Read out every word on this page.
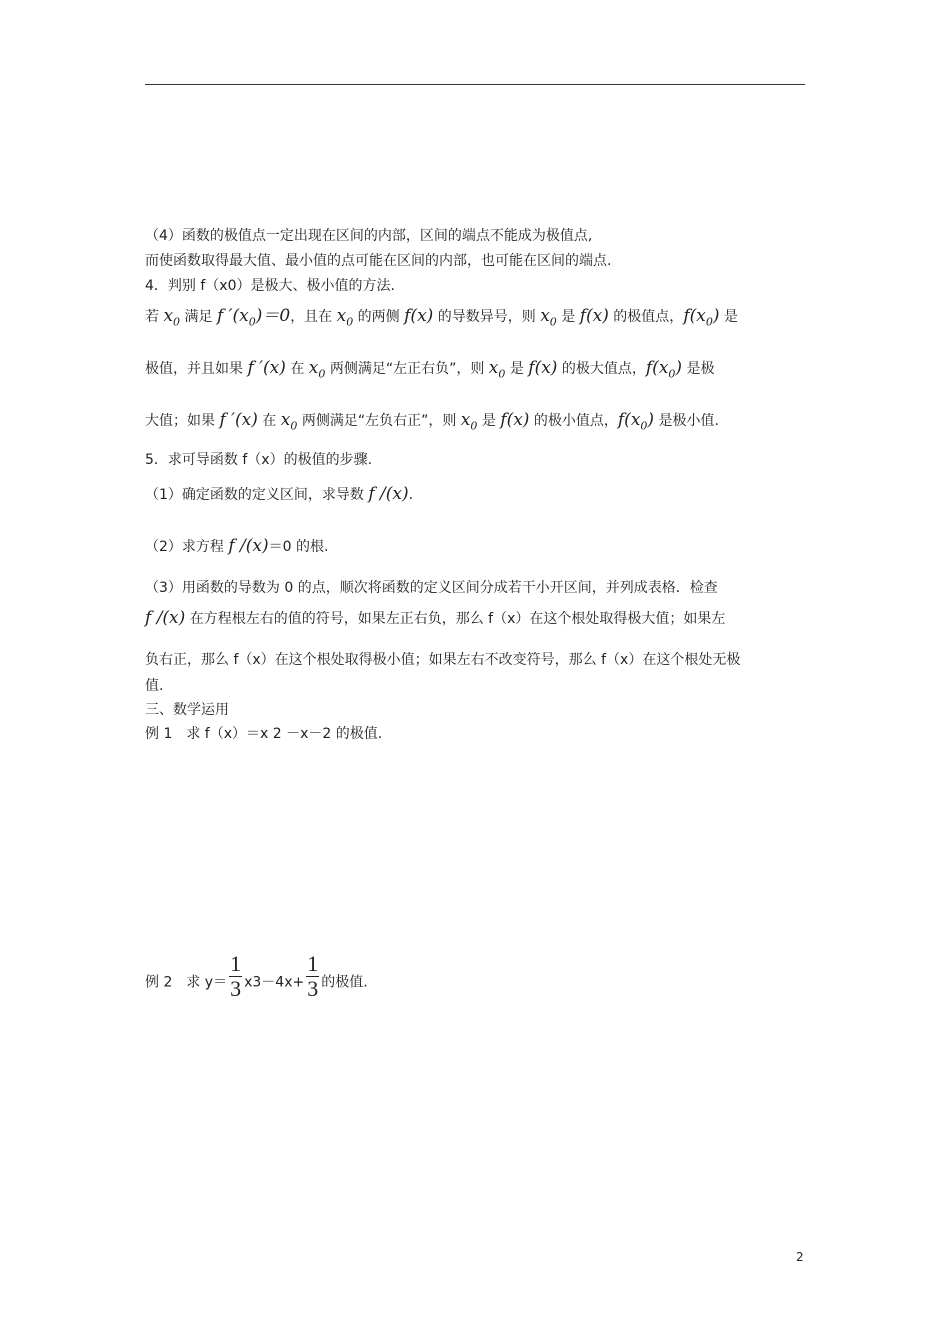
（4）函数的极值点一定出现在区间的内部，区间的端点不能成为极值点,
而使函数取得最大值、最小值的点可能在区间的内部，也可能在区间的端点.
4．判别 f（x0）是极大、极小值的方法.
若 $x_0$ 满足 f $'(x_0)=0$，且在 $x_0$ 的两侧 f(x) 的导数异号，则 $x_0$ 是 f(x) 的极值点，$f(x_0)$ 是
极值，并且如果 f ′(x) 在 $x_0$ 两侧满足“左正右负”，则 $x_0$ 是 f(x) 的极大值点，$f(x_0)$ 是极
大值；如果 f ′(x) 在 $x_0$ 两侧满足“左负右正”，则 $x_0$ 是 f(x) 的极小值点，$f(x_0)$ 是极小值.
5．求可导函数 f（x）的极值的步骤.
（1）确定函数的定义区间，求导数 f /(x).
（2）求方程 f /(x)＝0 的根.
（3）用函数的导数为 0 的点，顺次将函数的定义区间分成若干小开区间，并列成表格．检查
f /(x) 在方程根左右的值的符号，如果左正右负，那么 f（x）在这个根处取得极大值；如果左
负右正，那么 f（x）在这个根处取得极小值；如果左右不改变符号，那么 f（x）在这个根处无极
值.
三、数学运用
例 1　求 f（x）＝x 2 －x－2 的极值.
例 2　求 $y= \frac{1}{3} x3-4x+ \frac{1}{3}$ 的极值.
2
